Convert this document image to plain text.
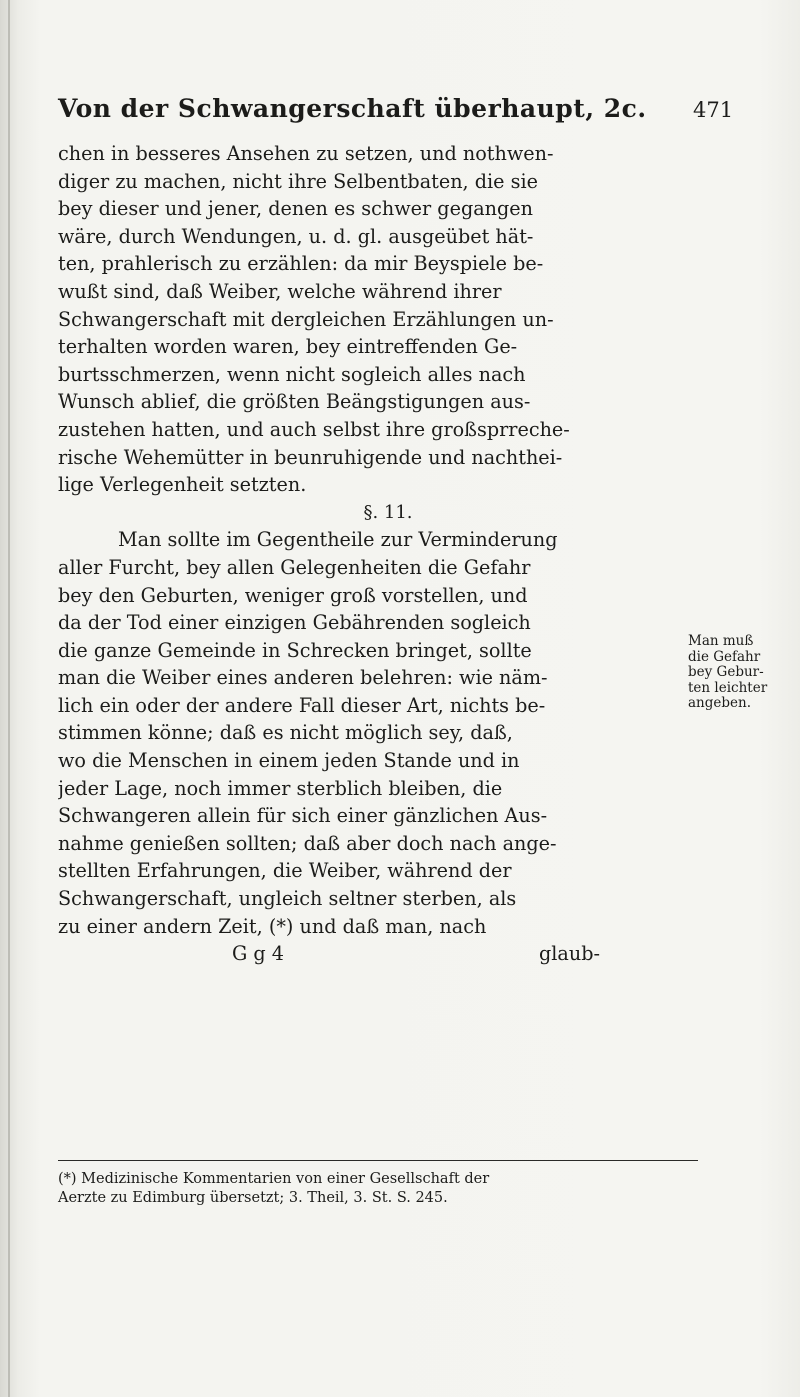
Von der Schwangerschaft überhaupt, 2c. 471
chen in besseres Ansehen zu setzen, und nothwen-
diger zu machen, nicht ihre Selbentbaten, die sie
bey dieser und jener, denen es schwer gegangen
wäre, durch Wendungen, u. d. gl. ausgeübet hät-
ten, prahlerisch zu erzählen: da mir Beyspiele be-
wußt sind, daß Weiber, welche während ihrer
Schwangerschaft mit dergleichen Erzählungen un-
terhalten worden waren, bey eintreffenden Ge-
burtsschmerzen, wenn nicht sogleich alles nach
Wunsch ablief, die größten Beängstigungen aus-
zustehen hatten, und auch selbst ihre großsprreche-
rische Wehemütter in beunruhigende und nachthei-
lige Verlegenheit setzten.
§. 11.
Man sollte im Gegentheile zur Verminderung
aller Furcht, bey allen Gelegenheiten die Gefahr
bey den Geburten, weniger groß vorstellen, und
da der Tod einer einzigen Gebährenden sogleich
die ganze Gemeinde in Schrecken bringet, sollte
man die Weiber eines anderen belehren: wie näm-
lich ein oder der andere Fall dieser Art, nichts be-
stimmen könne; daß es nicht möglich sey, daß,
wo die Menschen in einem jeden Stande und in
jeder Lage, noch immer sterblich bleiben, die
Schwangeren allein für sich einer gänzlichen Aus-
nahme genießen sollten; daß aber doch nach ange-
stellten Erfahrungen, die Weiber, während der
Schwangerschaft, ungleich seltner sterben, als
zu einer andern Zeit, (*) und daß man, nach
G g 4	glaub-
Man muß
die Gefahr
bey Gebur-
ten leichter
angeben.
(*) Medizinische Kommentarien von einer Gesellschaft der
Aerzte zu Edimburg übersetzt; 3. Theil, 3. St. S. 245.
